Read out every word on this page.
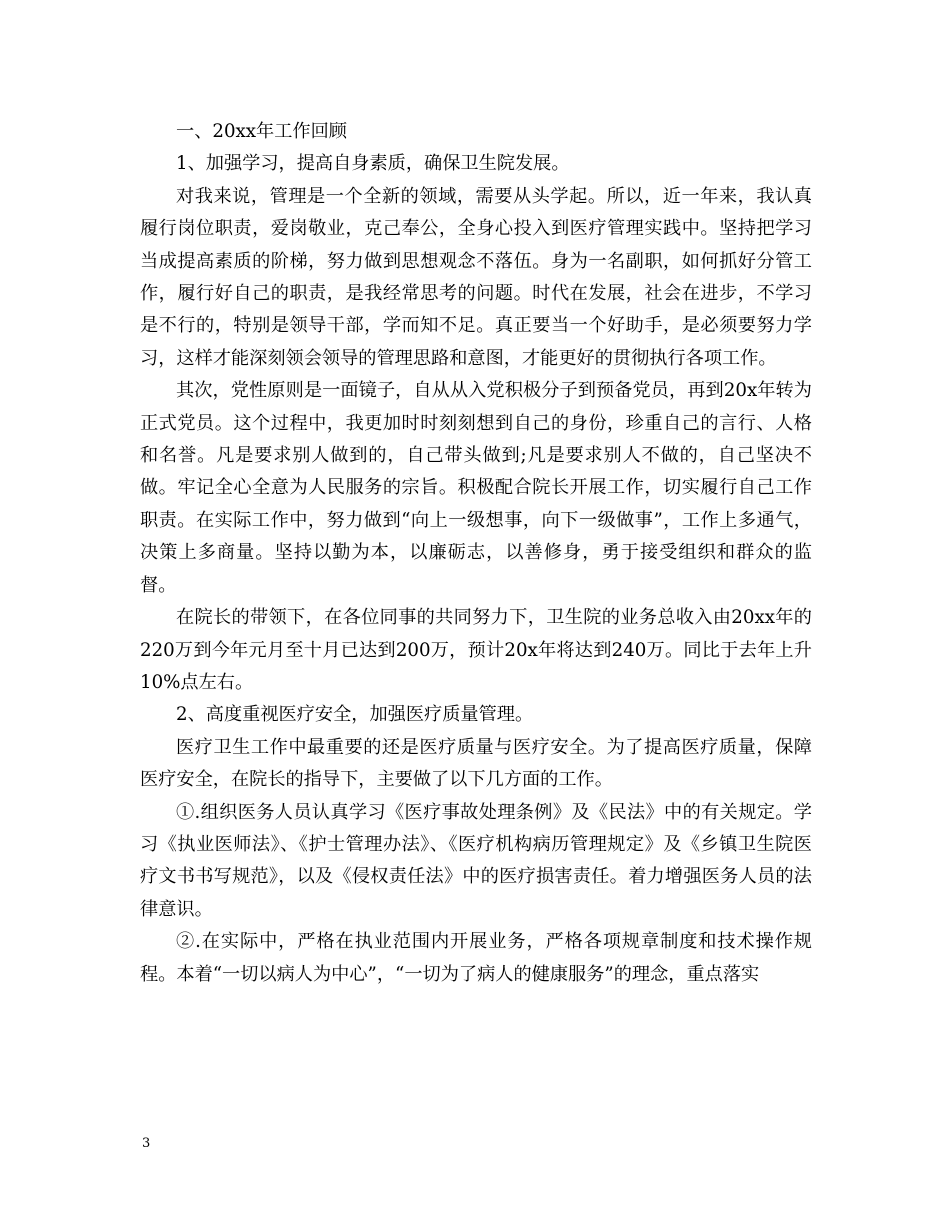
一、20xx年工作回顾

1、加强学习，提高自身素质，确保卫生院发展。

对我来说，管理是一个全新的领域，需要从头学起。所以，近一年来，我认真履行岗位职责，爱岗敬业，克己奉公，全身心投入到医疗管理实践中。坚持把学习当成提高素质的阶梯，努力做到思想观念不落伍。身为一名副职，如何抓好分管工作，履行好自己的职责，是我经常思考的问题。时代在发展，社会在进步，不学习是不行的，特别是领导干部，学而知不足。真正要当一个好助手，是必须要努力学习，这样才能深刻领会领导的管理思路和意图，才能更好的贯彻执行各项工作。

其次，党性原则是一面镜子，自从从入党积极分子到预备党员，再到20x年转为正式党员。这个过程中，我更加时时刻刻想到自己的身份，珍重自己的言行、人格和名誉。凡是要求别人做到的，自己带头做到;凡是要求别人不做的，自己坚决不做。牢记全心全意为人民服务的宗旨。积极配合院长开展工作，切实履行自己工作职责。在实际工作中，努力做到“向上一级想事，向下一级做事”，工作上多通气，决策上多商量。坚持以勤为本，以廉砺志，以善修身，勇于接受组织和群众的监督。

在院长的带领下，在各位同事的共同努力下，卫生院的业务总收入由20xx年的220万到今年元月至十月已达到200万，预计20x年将达到240万。同比于去年上升10%点左右。

2、高度重视医疗安全，加强医疗质量管理。

医疗卫生工作中最重要的还是医疗质量与医疗安全。为了提高医疗质量，保障医疗安全，在院长的指导下，主要做了以下几方面的工作。

①.组织医务人员认真学习《医疗事故处理条例》及《民法》中的有关规定。学习《执业医师法》、《护士管理办法》、《医疗机构病历管理规定》及《乡镇卫生院医疗文书书写规范》，以及《侵权责任法》中的医疗损害责任。着力增强医务人员的法律意识。

②.在实际中，严格在执业范围内开展业务，严格各项规章制度和技术操作规程。本着“一切以病人为中心”，“一切为了病人的健康服务”的理念，重点落实

3
